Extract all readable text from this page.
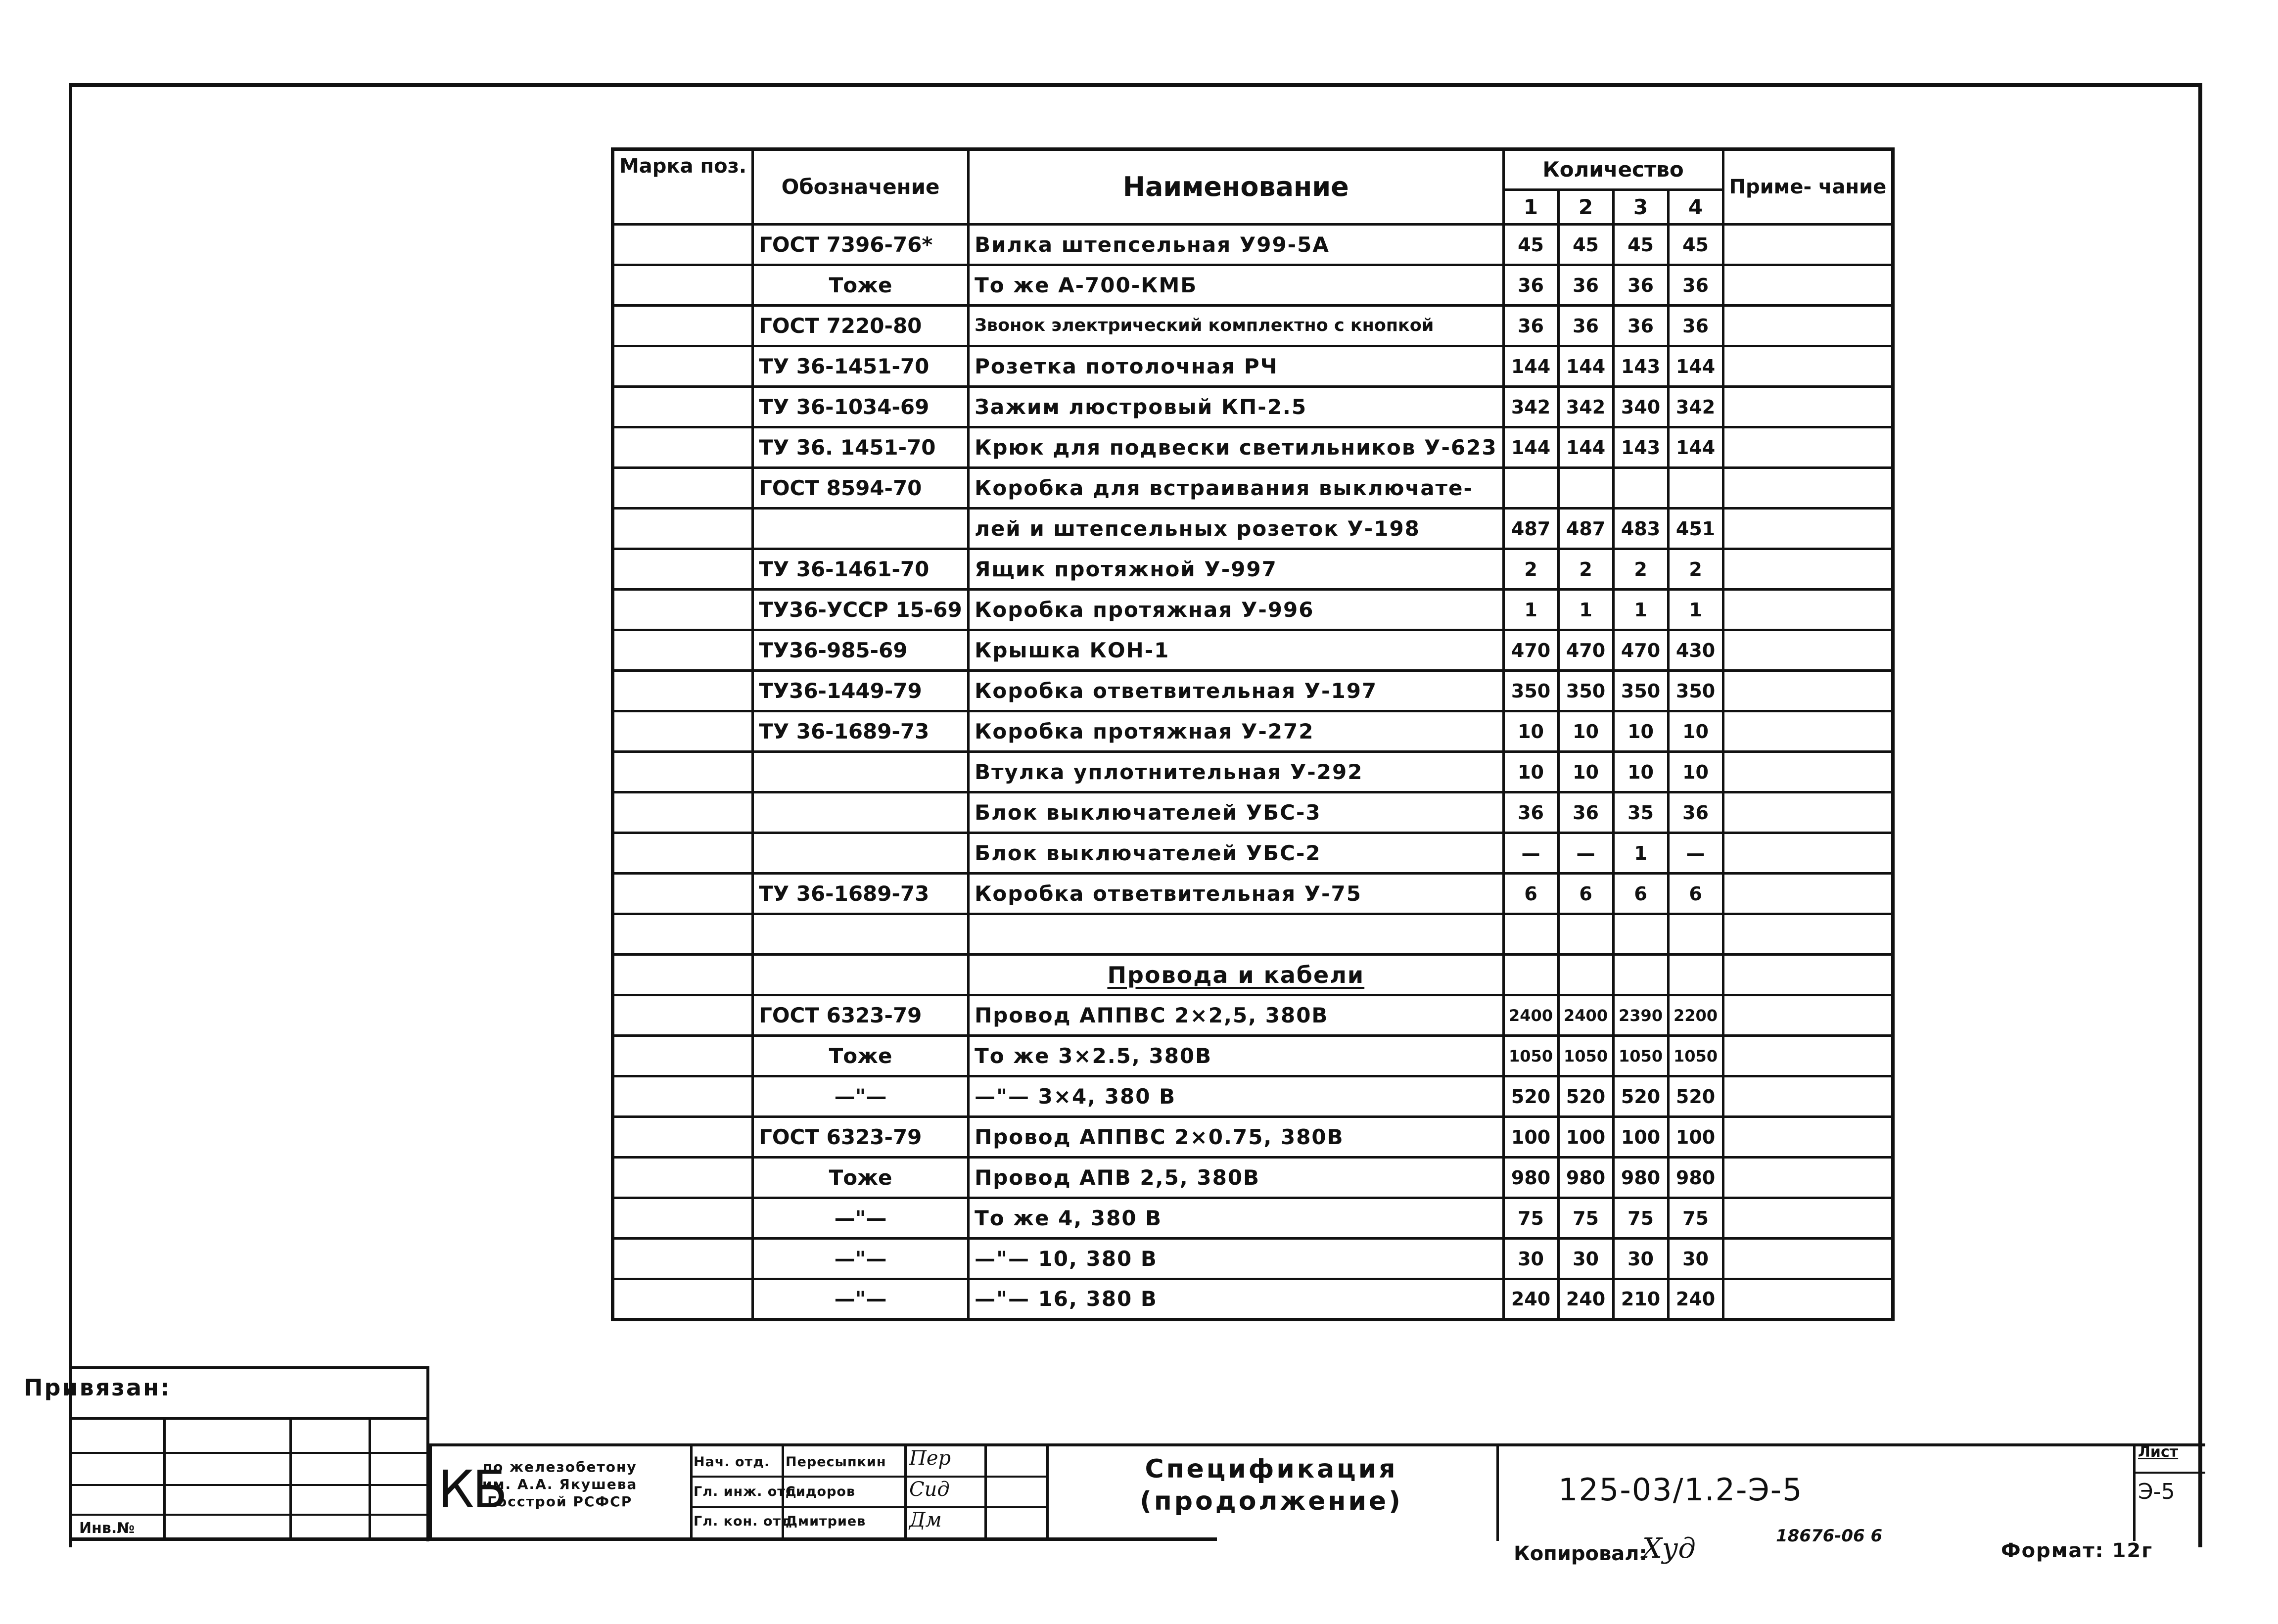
Марка поз.	Обозначение	Наименование	Количество				Приме- чание
			1	2	3	4	
	ГОСТ 7396-76*	Вилка штепсельная У99-5А	45	45	45	45	
	Тоже	То же А-700-КМБ	36	36	36	36	
	ГОСТ 7220-80	Звонок электрический комплектно с кнопкой	36	36	36	36	
	ТУ 36-1451-70	Розетка потолочная РЧ	144	144	143	144	
	ТУ 36-1034-69	Зажим люстровый КП-2.5	342	342	340	342	
	ТУ 36. 1451-70	Крюк для подвески светильников У-623	144	144	143	144	
	ГОСТ 8594-70	Коробка для встраивания выключате-					
		лей и штепсельных розеток У-198	487	487	483	451	
	ТУ 36-1461-70	Ящик протяжной У-997	2	2	2	2	
	ТУ36-УССР 15-69	Коробка протяжная У-996	1	1	1	1	
	ТУ36-985-69	Крышка КОН-1	470	470	470	430	
	ТУ36-1449-79	Коробка ответвительная У-197	350	350	350	350	
	ТУ 36-1689-73	Коробка протяжная У-272	10	10	10	10	
		Втулка уплотнительная У-292	10	10	10	10	
		Блок выключателей УБС-3	36	36	35	36	
		Блок выключателей УБС-2	—	—	1	—	
	ТУ 36-1689-73	Коробка ответвительная У-75	6	6	6	6	

		Провода и кабели					
	ГОСТ 6323-79	Провод АППВС 2×2,5, 380В	2400	2400	2390	2200	
	Тоже	То же 3×2.5, 380В	1050	1050	1050	1050	
	—"—	—"— 3×4, 380 В	520	520	520	520	
	ГОСТ 6323-79	Провод АППВС 2×0.75, 380В	100	100	100	100	
	Тоже	Провод АПВ 2,5, 380В	980	980	980	980	
	—"—	То же 4, 380 В	75	75	75	75	
	—"—	—"— 10, 380 В	30	30	30	30	
	—"—	—"— 16, 380 В	240	240	210	240	
Привязан:
Инв.№
КБ
по железобетону
им. А.А. Якушева
Госстрой РСФСР
Нач. отд.
Гл. инж. отд.
Гл. кон. отд.
Пересыпкин
Сидоров
Дмитриев
Пер
Сид
Дм
Спецификация
(продолжение)	125-03/1.2-Э-5
Лист
Э-5
Копировал:
Худ	18676-06 6
Формат: 12г
